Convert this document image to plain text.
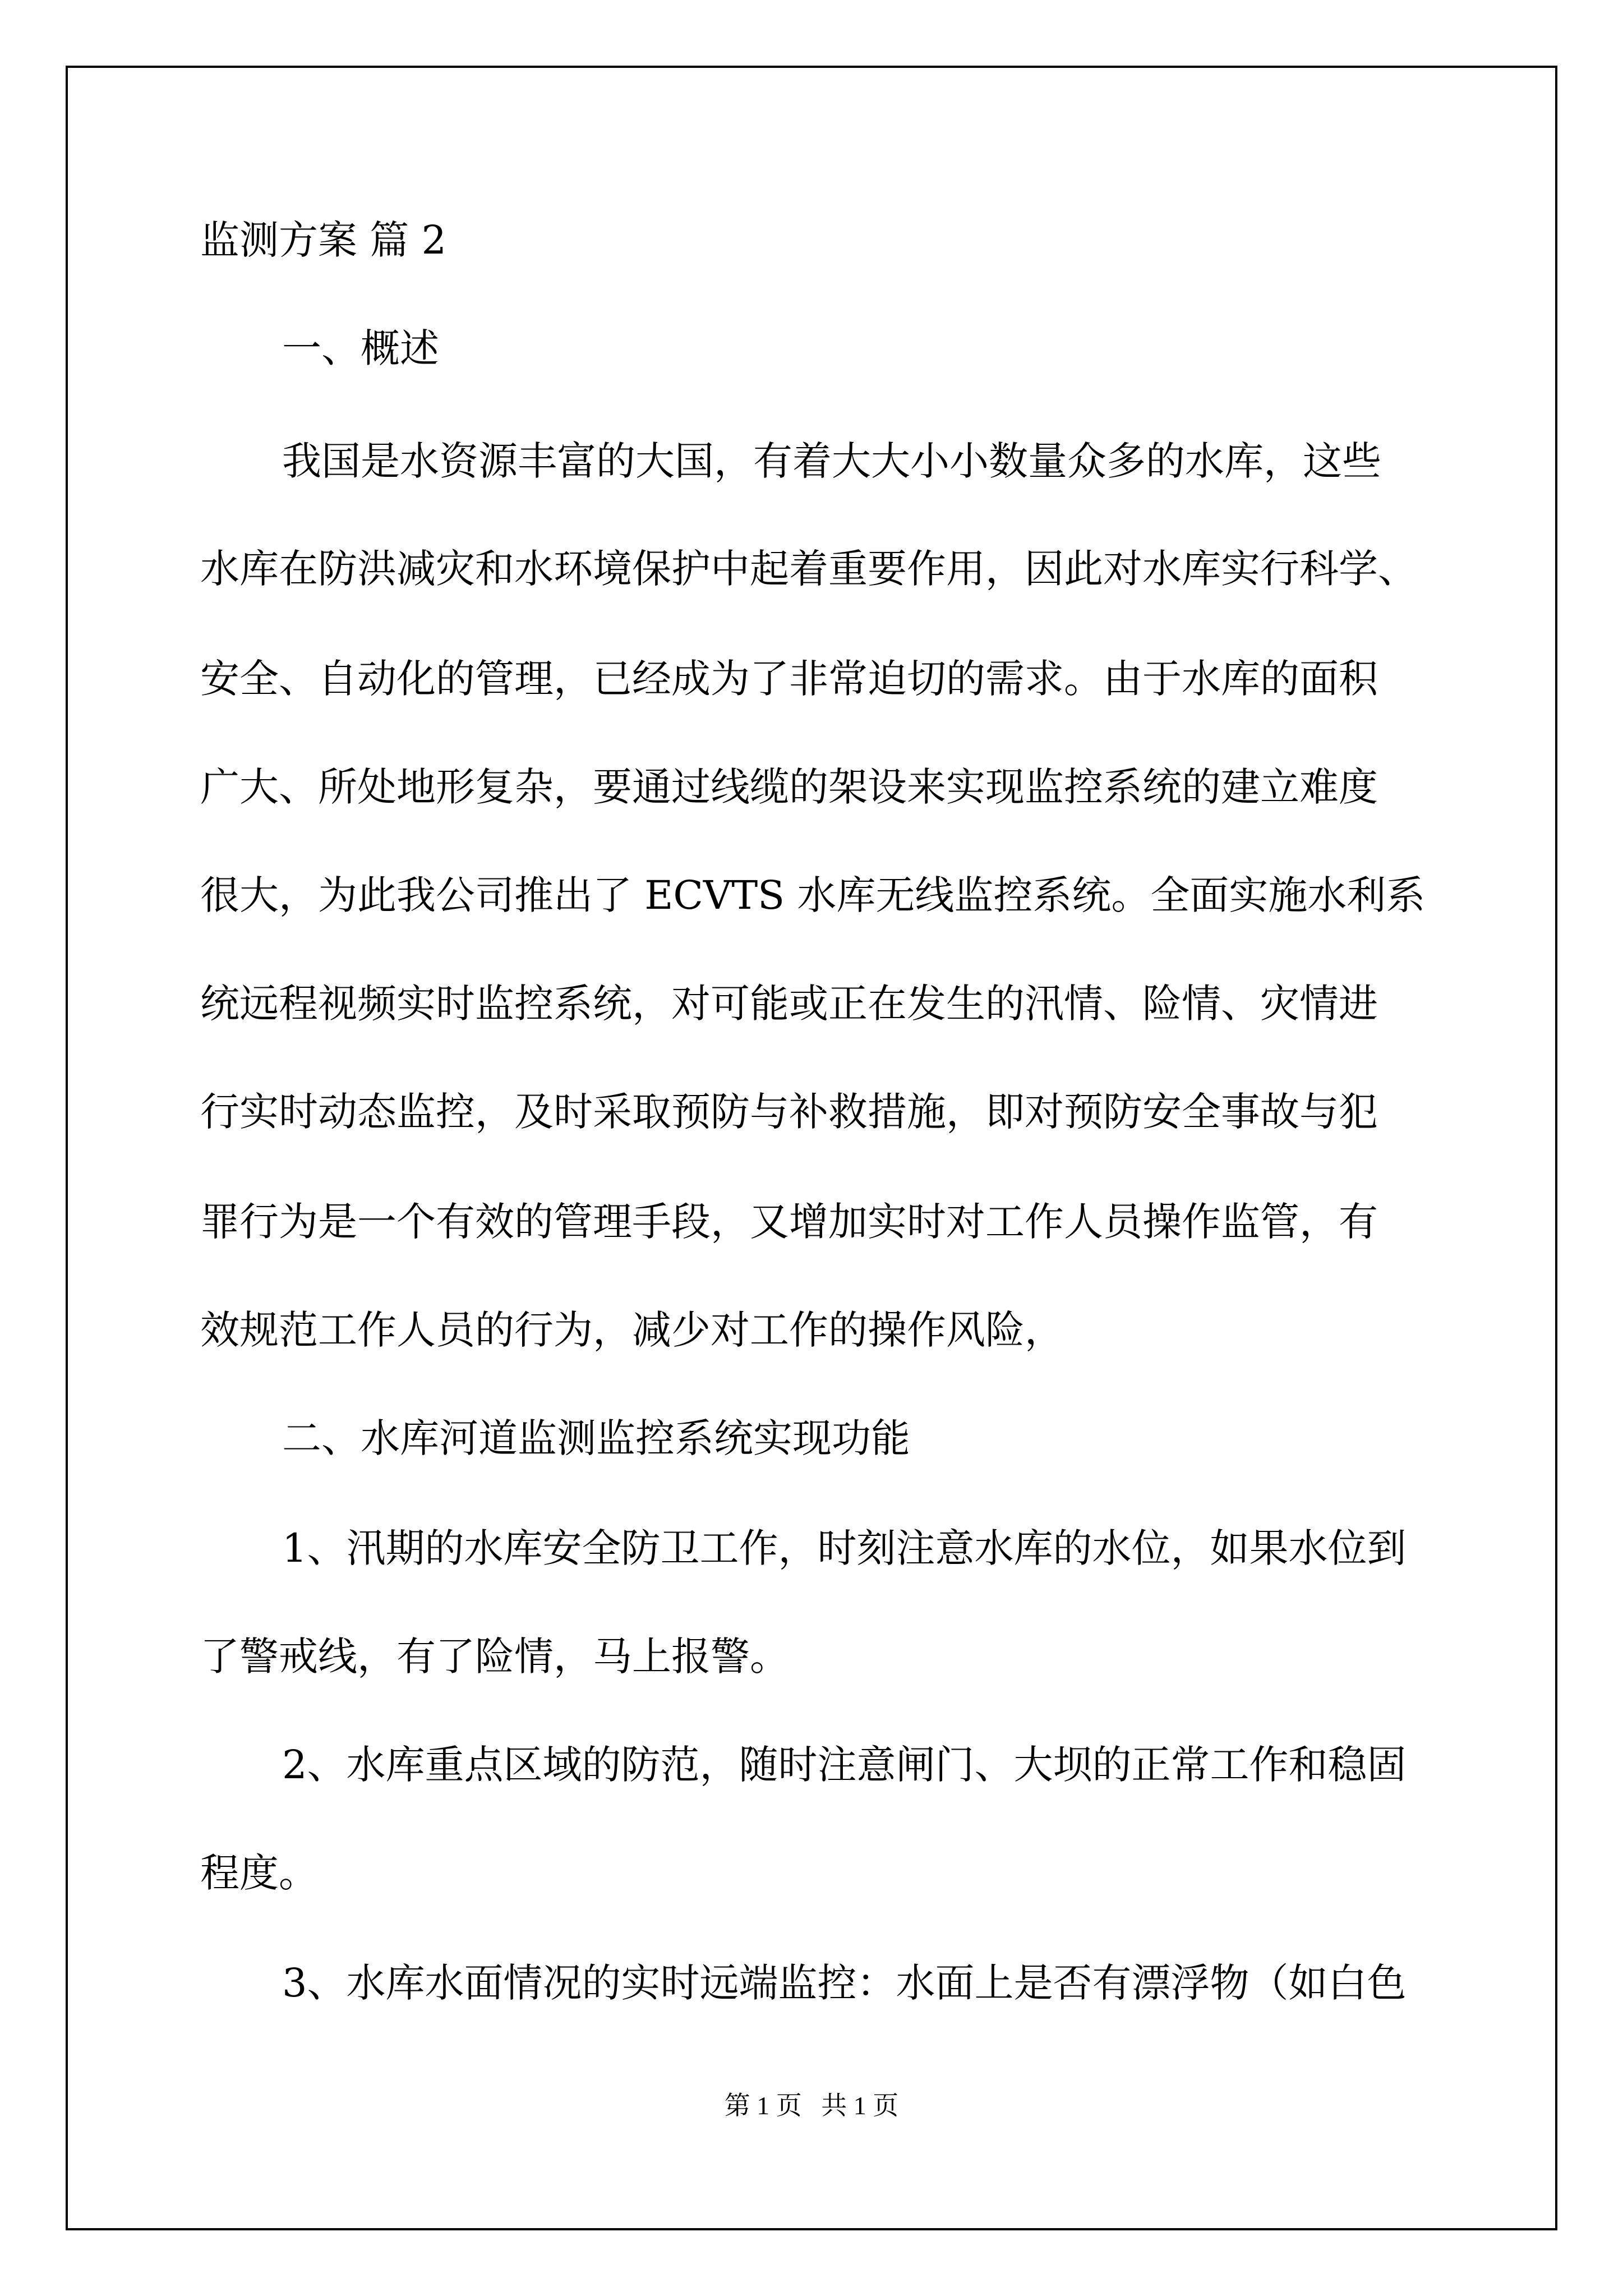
监测方案 篇 2
一、概述
我国是水资源丰富的大国，有着大大小小数量众多的水库，这些
水库在防洪减灾和水环境保护中起着重要作用，因此对水库实行科学、
安全、自动化的管理，已经成为了非常迫切的需求。由于水库的面积
广大、所处地形复杂，要通过线缆的架设来实现监控系统的建立难度
很大，为此我公司推出了 ECVTS 水库无线监控系统。全面实施水利系
统远程视频实时监控系统，对可能或正在发生的汛情、险情、灾情进
行实时动态监控，及时采取预防与补救措施，即对预防安全事故与犯
罪行为是一个有效的管理手段，又增加实时对工作人员操作监管，有
效规范工作人员的行为，减少对工作的操作风险，
二、水库河道监测监控系统实现功能
1、汛期的水库安全防卫工作，时刻注意水库的水位，如果水位到
了警戒线，有了险情，马上报警。
2、水库重点区域的防范，随时注意闸门、大坝的正常工作和稳固
程度。
3、水库水面情况的实时远端监控：水面上是否有漂浮物（如白色
第 1 页   共 1 页
